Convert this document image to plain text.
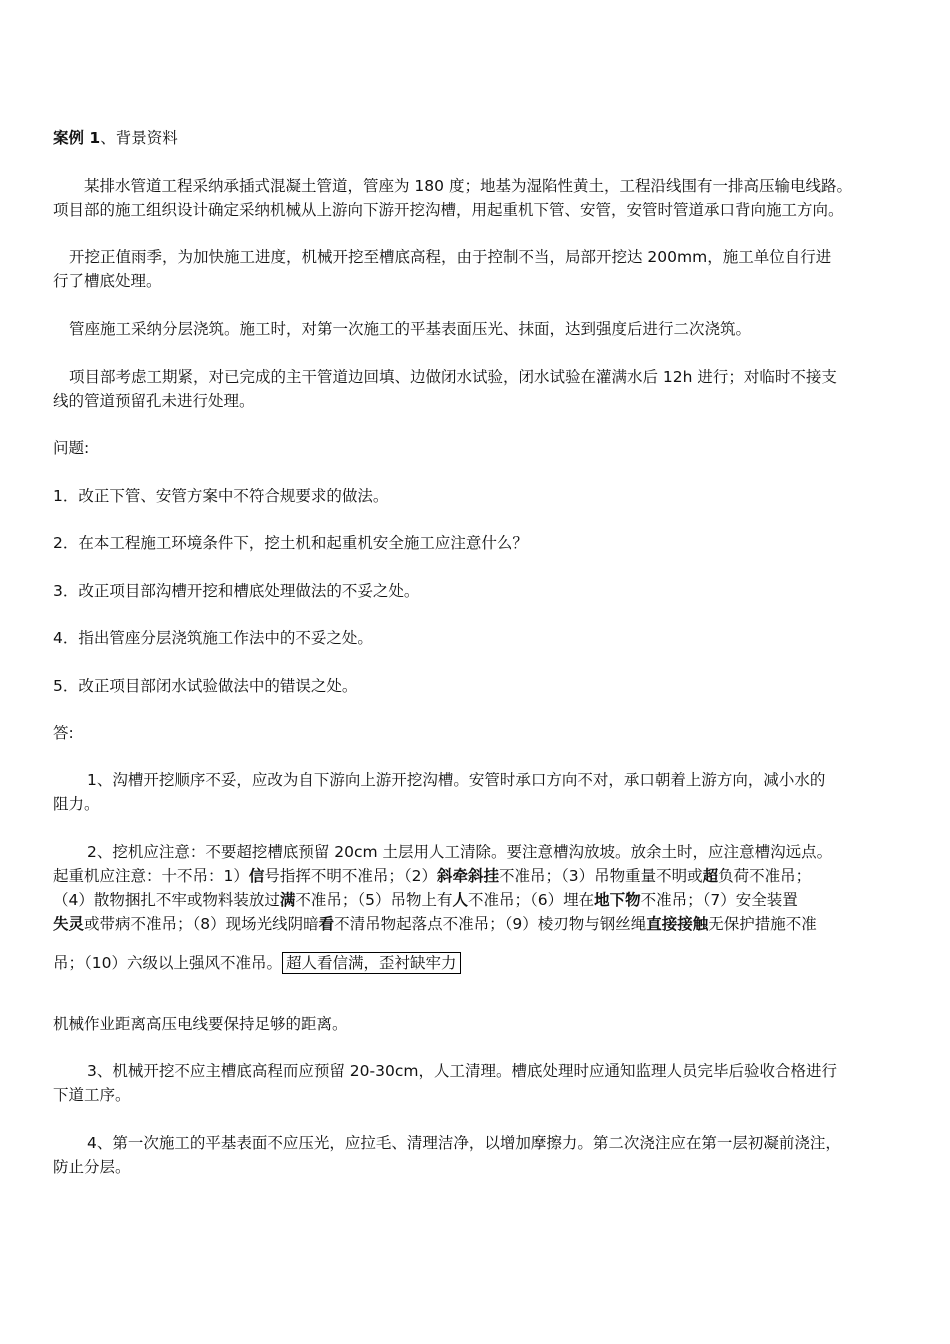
案例 1、背景资料
某排水管道工程采纳承插式混凝土管道，管座为 180 度；地基为湿陷性黄土，工程沿线围有一排高压输电线路。
项目部的施工组织设计确定采纳机械从上游向下游开挖沟槽，用起重机下管、安管，安管时管道承口背向施工方向。
开挖正值雨季，为加快施工进度，机械开挖至槽底高程，由于控制不当，局部开挖达 200mm，施工单位自行进
行了槽底处理。
管座施工采纳分层浇筑。施工时，对第一次施工的平基表面压光、抹面，达到强度后进行二次浇筑。
项目部考虑工期紧，对已完成的主干管道边回填、边做闭水试验，闭水试验在灌满水后 12h 进行；对临时不接支
线的管道预留孔未进行处理。
问题:
1．改正下管、安管方案中不符合规要求的做法。
2．在本工程施工环境条件下，挖土机和起重机安全施工应注意什么？
3．改正项目部沟槽开挖和槽底处理做法的不妥之处。
4．指出管座分层浇筑施工作法中的不妥之处。
5．改正项目部闭水试验做法中的错误之处。
答:
1、沟槽开挖顺序不妥，应改为自下游向上游开挖沟槽。安管时承口方向不对，承口朝着上游方向，减小水的
阻力。
2、挖机应注意：不要超挖槽底预留 20cm 土层用人工清除。要注意槽沟放坡。放余土时，应注意槽沟远点。
起重机应注意：十不吊：1）信号指挥不明不准吊；（2）斜牵斜挂不准吊；（3）吊物重量不明或超负荷不准吊；
（4）散物捆扎不牢或物料装放过满不准吊；（5）吊物上有人不准吊；（6）埋在地下物不准吊；（7）安全装置
失灵或带病不准吊；（8）现场光线阴暗看不清吊物起落点不准吊；（9）棱刃物与钢丝绳直接接触无保护措施不准
吊；（10）六级以上强风不准吊。 超人看信满，歪衬缺牢力
机械作业距离高压电线要保持足够的距离。
3、机械开挖不应主槽底高程而应预留 20-30cm，人工清理。槽底处理时应通知监理人员完毕后验收合格进行
下道工序。
4、第一次施工的平基表面不应压光，应拉毛、清理洁净，以增加摩擦力。第二次浇注应在第一层初凝前浇注，
防止分层。
